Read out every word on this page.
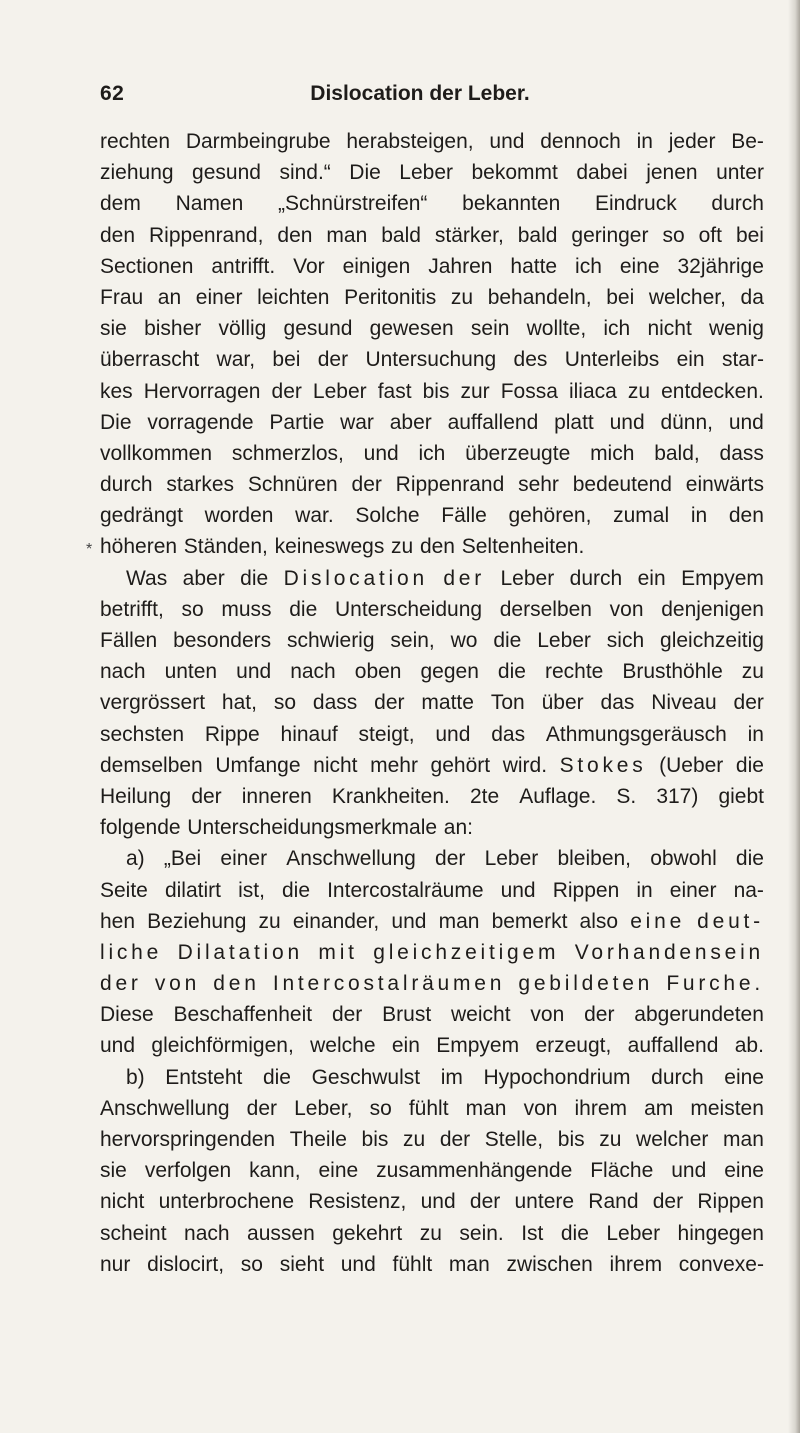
62	Dislocation der Leber.
*
rechten Darmbeingrube herabsteigen, und dennoch in jeder Be-
ziehung gesund sind.“ Die Leber bekommt dabei jenen unter
dem Namen „Schnürstreifen“ bekannten Eindruck durch
den Rippenrand, den man bald stärker, bald geringer so oft bei
Sectionen antrifft. Vor einigen Jahren hatte ich eine 32jährige
Frau an einer leichten Peritonitis zu behandeln, bei welcher, da
sie bisher völlig gesund gewesen sein wollte, ich nicht wenig
überrascht war, bei der Untersuchung des Unterleibs ein star-
kes Hervorragen der Leber fast bis zur Fossa iliaca zu entdecken.
Die vorragende Partie war aber auffallend platt und dünn, und
vollkommen schmerzlos, und ich überzeugte mich bald, dass
durch starkes Schnüren der Rippenrand sehr bedeutend einwärts
gedrängt worden war. Solche Fälle gehören, zumal in den
höheren Ständen, keineswegs zu den Seltenheiten.
Was aber die Dislocation der Leber durch ein Empyem
betrifft, so muss die Unterscheidung derselben von denjenigen
Fällen besonders schwierig sein, wo die Leber sich gleichzeitig
nach unten und nach oben gegen die rechte Brusthöhle zu
vergrössert hat, so dass der matte Ton über das Niveau der
sechsten Rippe hinauf steigt, und das Athmungsgeräusch in
demselben Umfange nicht mehr gehört wird. Stokes (Ueber die
Heilung der inneren Krankheiten. 2te Auflage. S. 317) giebt
folgende Unterscheidungsmerkmale an:
a) „Bei einer Anschwellung der Leber bleiben, obwohl die
Seite dilatirt ist, die Intercostalräume und Rippen in einer na-
hen Beziehung zu einander, und man bemerkt also eine deut-
liche Dilatation mit gleichzeitigem Vorhandensein
der von den Intercostalräumen gebildeten Furche.
Diese Beschaffenheit der Brust weicht von der abgerundeten
und gleichförmigen, welche ein Empyem erzeugt, auffallend ab.
b) Entsteht die Geschwulst im Hypochondrium durch eine
Anschwellung der Leber, so fühlt man von ihrem am meisten
hervorspringenden Theile bis zu der Stelle, bis zu welcher man
sie verfolgen kann, eine zusammenhängende Fläche und eine
nicht unterbrochene Resistenz, und der untere Rand der Rippen
scheint nach aussen gekehrt zu sein. Ist die Leber hingegen
nur dislocirt, so sieht und fühlt man zwischen ihrem convexe-
